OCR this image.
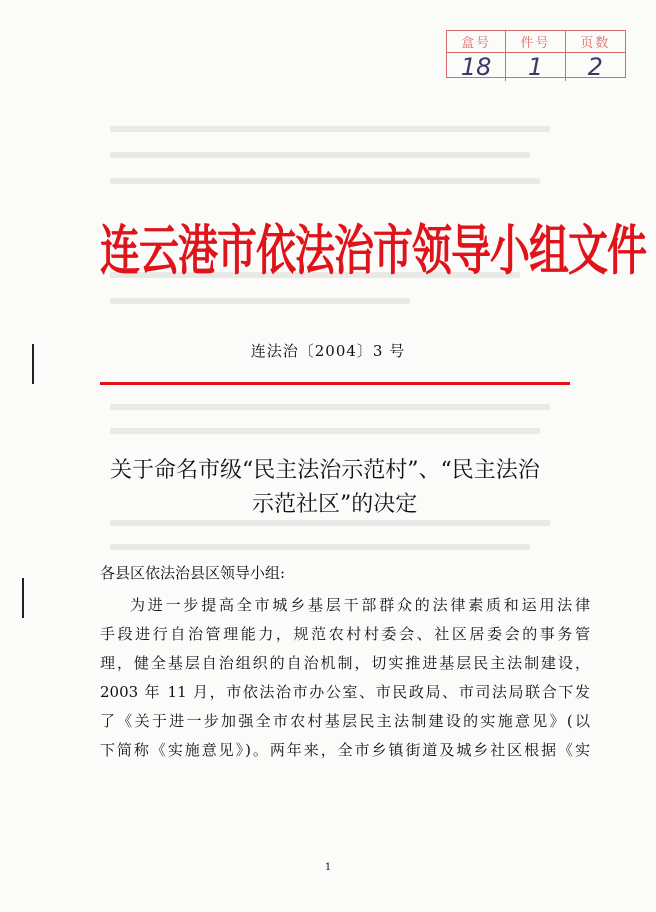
盒号	件号	页数
18	1	2
连云港市依法治市领导小组文件
连法治〔2004〕3 号
关于命名市级“民主法治示范村”、“民主法治
示范社区”的决定
各县区依法治县区领导小组:
为进一步提高全市城乡基层干部群众的法律素质和运用法律
手段进行自治管理能力，规范农村村委会、社区居委会的事务管
理，健全基层自治组织的自治机制，切实推进基层民主法制建设，
2003 年 11 月，市依法治市办公室、市民政局、市司法局联合下发
了《关于进一步加强全市农村基层民主法制建设的实施意见》(以
下简称《实施意见》)。两年来，全市乡镇街道及城乡社区根据《实
1
